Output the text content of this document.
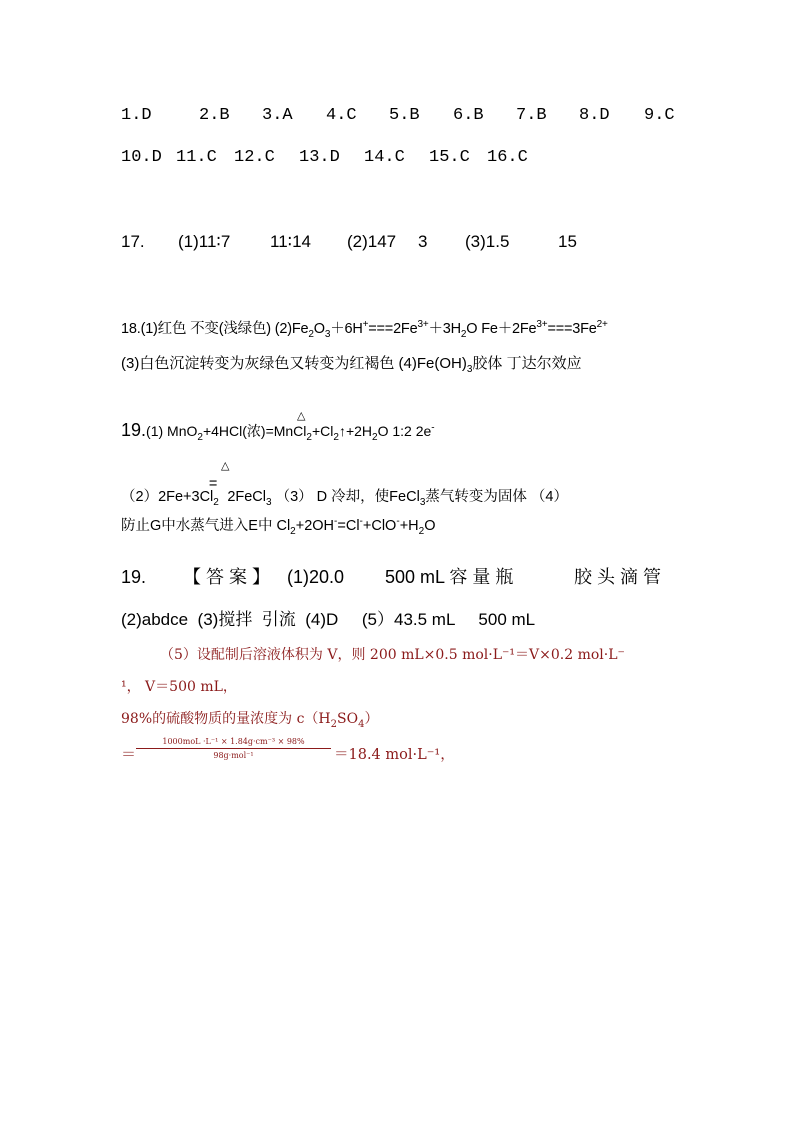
1.D	2.B 3.A 4.C 5.B 6.B 7.B 8.D 9.C
10.D 11.C 12.C 13.D 14.C 15.C 16.C
17. (1)11∶7 11∶14 (2)147 3 (3)1.5	15
18.(1)红色 不变(浅绿色) $(2)Fe_2O_3+6H^+===2Fe^{3+}+3H_2O$ $Fe+2Fe^{3+}===3Fe^{2+}$
(3)白色沉淀转变为灰绿色又转变为红褐色 $(4)Fe(OH)_3$胶体 丁达尔效应
△
△
19.(1) MnO$_2$+4HCl(浓)$=MnCl_2+Cl_2↑+2H_2O$ 1:2 2e-
$(2)2Fe+3Cl_2=2FeCl_3$ （3） D 冷却，使FeCl$_3$蒸气转变为固体 （4）
防止G中水蒸气进入E中 $Cl_2+2OH^-=Cl^-+ClO^-+H_2O$
19. 【 答 案 】 (1)20.0 500 mL 容 量 瓶	胶 头 滴 管
(2)abdce  (3)搅拌  引流  (4)D     (5）43.5 mL     500 mL
（5）设配制后溶液体积为 V，则 200 mL×0.5 mol·L⁻¹＝V×0.2 mol·L⁻
¹， V＝500 mL，
98%的硫酸物质的量浓度为 $c(H_2SO_4)$
＝
1000moL ·L⁻¹ × 1.84g·cm⁻³ × 98%
98g·mol⁻¹	＝18.4 mol·L⁻¹，
